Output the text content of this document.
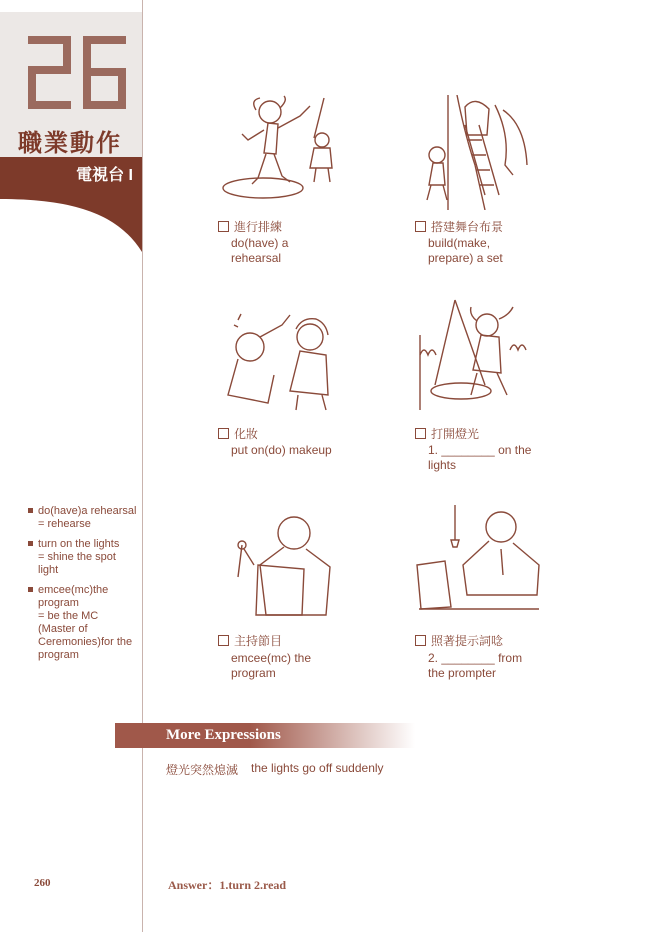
職業動作
電視台 I
進行排練
do(have) a rehearsal
搭建舞台布景
build(make, prepare) a set
化妝
put on(do) makeup
打開燈光
1. ________ on the lights
主持節目
emcee(mc) the program
照著提示詞唸
2. ________ from the prompter
do(have)a rehearsal
= rehearse
turn on the lights
= shine the spot light
emcee(mc)the program
= be the MC (Master of Ceremonies)for the program
More Expressions
燈光突然熄滅 the lights go off suddenly
260	Answer：1.turn 2.read
